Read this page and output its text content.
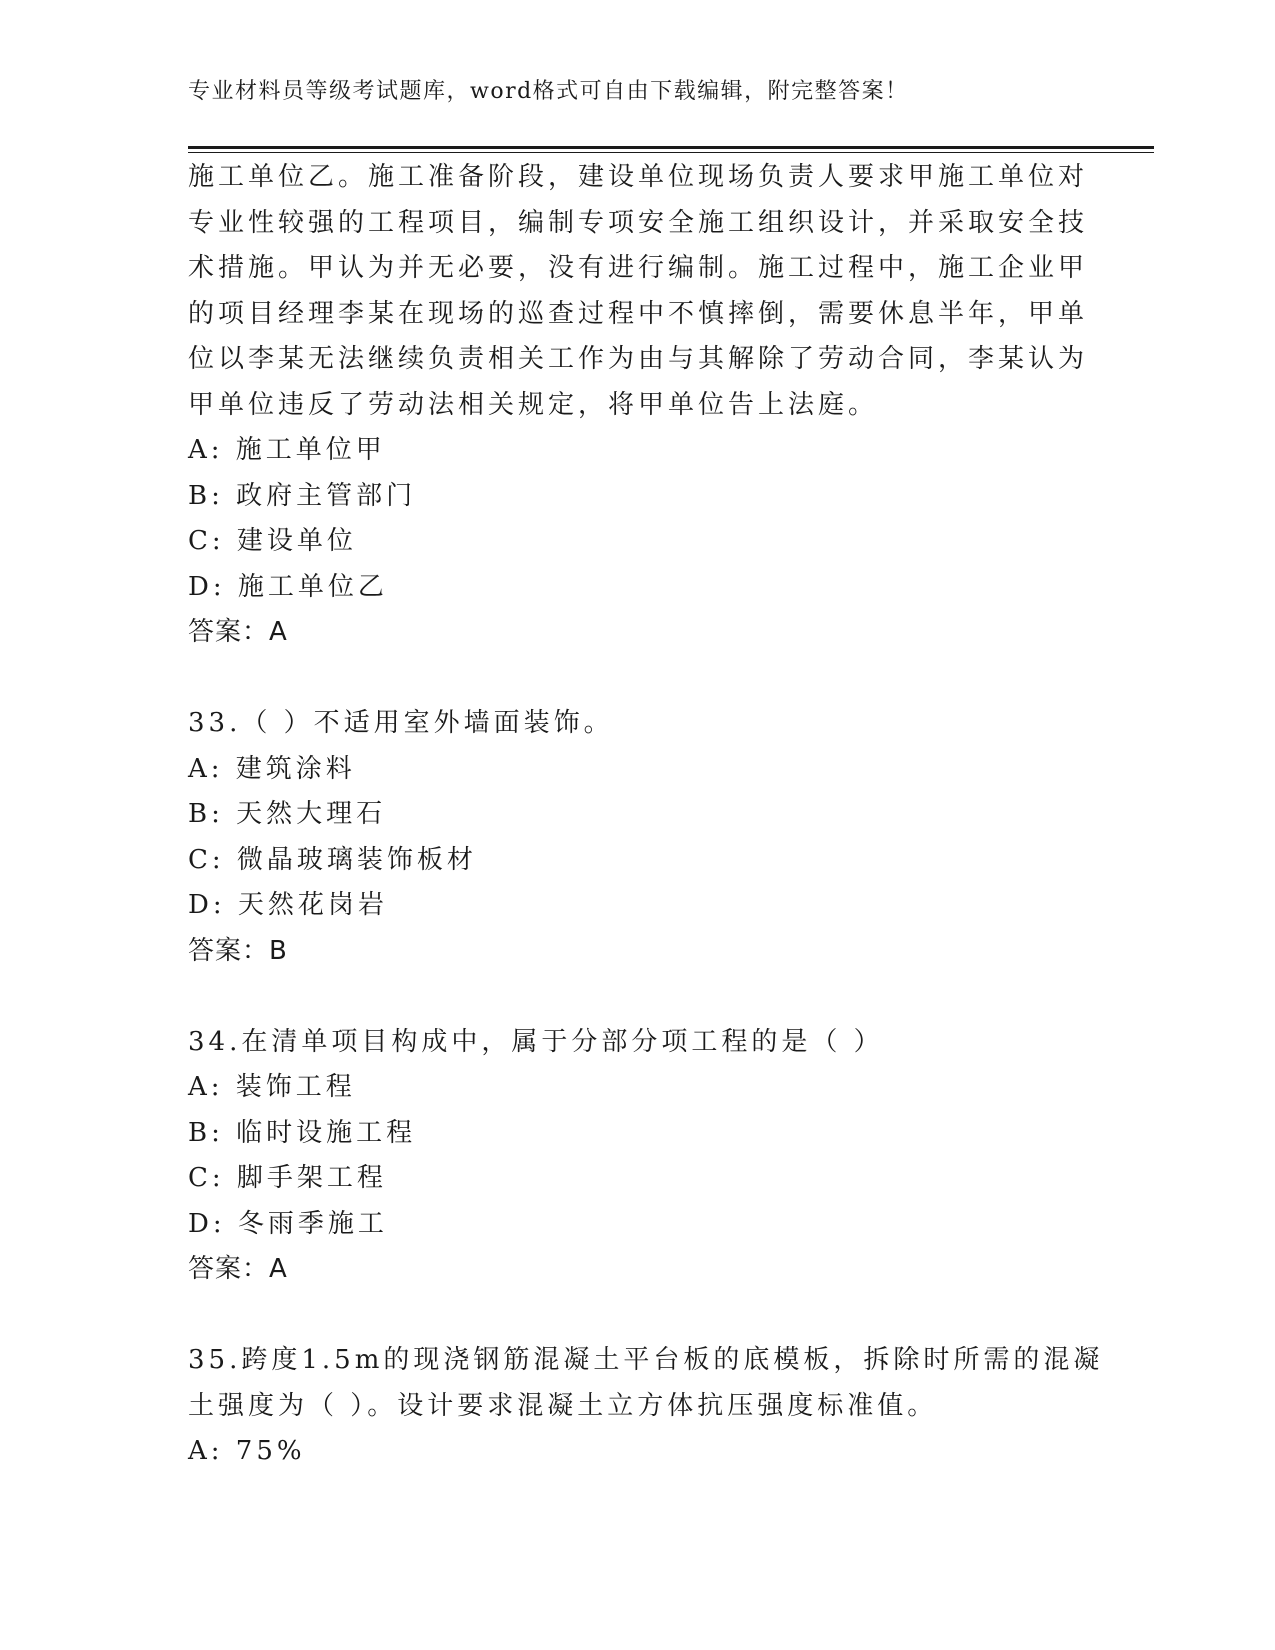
专业材料员等级考试题库，word格式可自由下载编辑，附完整答案！
施工单位乙。施工准备阶段，建设单位现场负责人要求甲施工单位对
专业性较强的工程项目，编制专项安全施工组织设计，并采取安全技
术措施。甲认为并无必要，没有进行编制。施工过程中，施工企业甲
的项目经理李某在现场的巡查过程中不慎摔倒，需要休息半年，甲单
位以李某无法继续负责相关工作为由与其解除了劳动合同，李某认为
甲单位违反了劳动法相关规定，将甲单位告上法庭。
A: 施工单位甲
B: 政府主管部门
C: 建设单位
D: 施工单位乙
答案：A
33.（ ）不适用室外墙面装饰。
A: 建筑涂料
B: 天然大理石
C: 微晶玻璃装饰板材
D: 天然花岗岩
答案：B
34.在清单项目构成中，属于分部分项工程的是（ ）
A: 装饰工程
B: 临时设施工程
C: 脚手架工程
D: 冬雨季施工
答案：A
35.跨度1.5m的现浇钢筋混凝土平台板的底模板，拆除时所需的混凝
土强度为（ ）。设计要求混凝土立方体抗压强度标准值。
A: 75%
